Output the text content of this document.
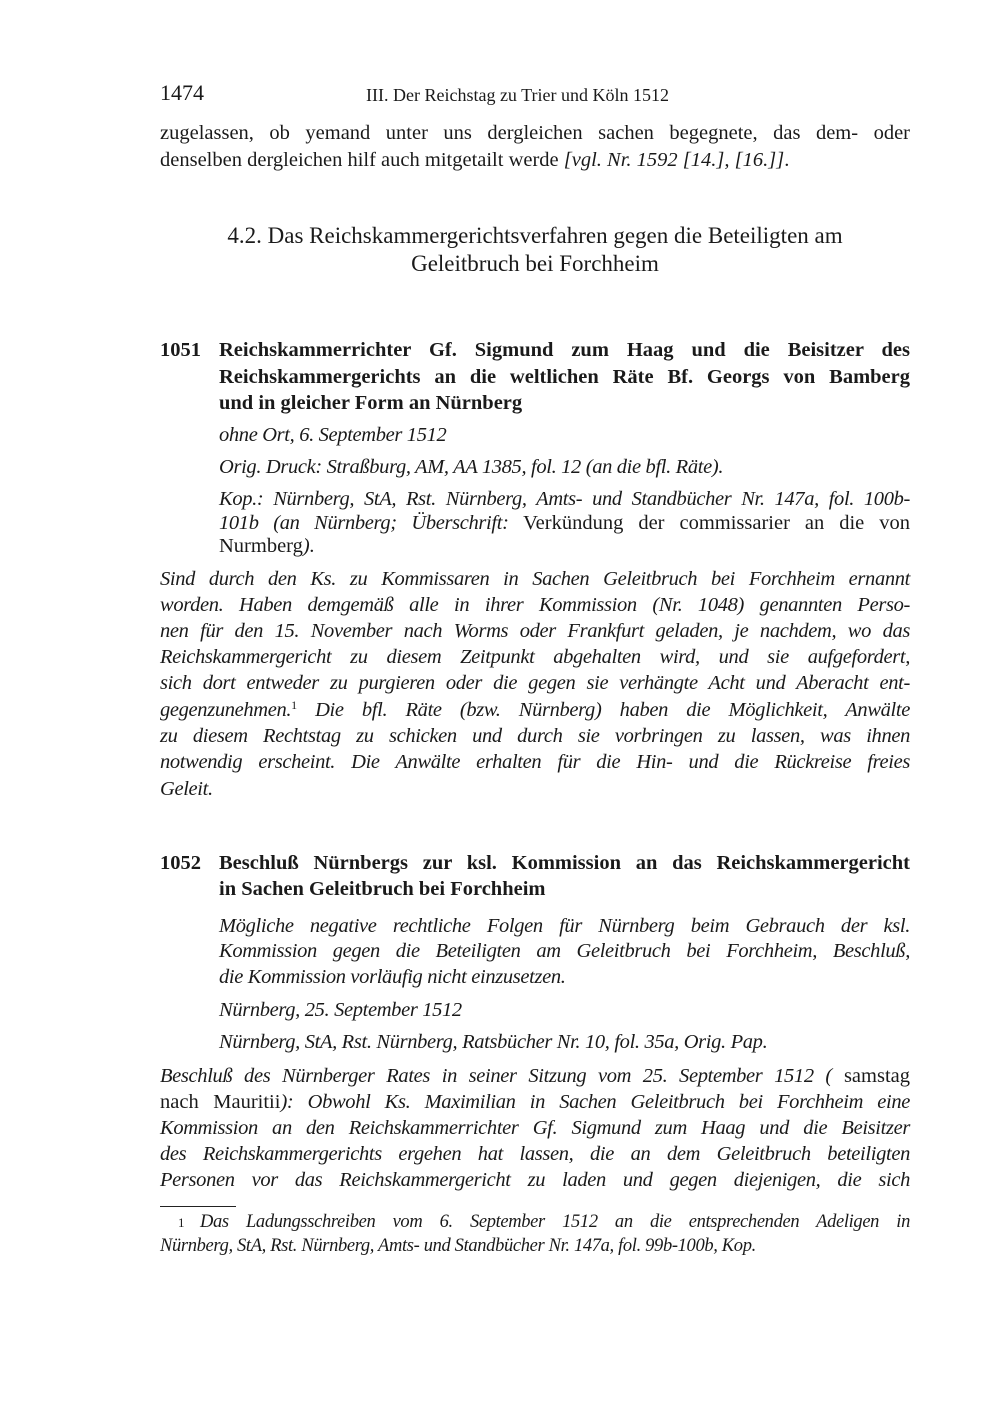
1474	III. Der Reichstag zu Trier und Köln 1512
zugelassen, ob yemand unter uns dergleichen sachen begegnete, das dem- oder
denselben dergleichen hilf auch mitgetailt werde [vgl. Nr. 1592 [14.], [16.]].
4.2. Das Reichskammergerichtsverfahren gegen die Beteiligten am
Geleitbruch bei Forchheim
1051 Reichskammerrichter Gf. Sigmund zum Haag und die Beisitzer des
Reichskammergerichts an die weltlichen Räte Bf. Georgs von Bamberg
und in gleicher Form an Nürnberg
ohne Ort, 6. September 1512
Orig. Druck: Straßburg, AM, AA 1385, fol. 12 (an die bfl. Räte).
Kop.: Nürnberg, StA, Rst. Nürnberg, Amts- und Standbücher Nr. 147a, fol. 100b-
101b (an Nürnberg; Überschrift: Verkündung der commissarier an die von
Nurmberg).
Sind durch den Ks. zu Kommissaren in Sachen Geleitbruch bei Forchheim ernannt
worden. Haben demgemäß alle in ihrer Kommission (Nr. 1048) genannten Perso-
nen für den 15. November nach Worms oder Frankfurt geladen, je nachdem, wo das
Reichskammergericht zu diesem Zeitpunkt abgehalten wird, und sie aufgefordert,
sich dort entweder zu purgieren oder die gegen sie verhängte Acht und Aberacht ent-
gegenzunehmen.$^1$ Die bfl. Räte (bzw. Nürnberg) haben die Möglichkeit, Anwälte
zu diesem Rechtstag zu schicken und durch sie vorbringen zu lassen, was ihnen
notwendig erscheint. Die Anwälte erhalten für die Hin- und die Rückreise freies
Geleit.
1052 Beschluß Nürnbergs zur ksl. Kommission an das Reichskammergericht
in Sachen Geleitbruch bei Forchheim
Mögliche negative rechtliche Folgen für Nürnberg beim Gebrauch der ksl.
Kommission gegen die Beteiligten am Geleitbruch bei Forchheim, Beschluß,
die Kommission vorläufig nicht einzusetzen.
Nürnberg, 25. September 1512
Nürnberg, StA, Rst. Nürnberg, Ratsbücher Nr. 10, fol. 35a, Orig. Pap.
Beschluß des Nürnberger Rates in seiner Sitzung vom 25. September 1512 ( samstag
nach Mauritii): Obwohl Ks. Maximilian in Sachen Geleitbruch bei Forchheim eine
Kommission an den Reichskammerrichter Gf. Sigmund zum Haag und die Beisitzer
des Reichskammergerichts ergehen hat lassen, die an dem Geleitbruch beteiligten
Personen vor das Reichskammergericht zu laden und gegen diejenigen, die sich
1 Das Ladungsschreiben vom 6. September 1512 an die entsprechenden Adeligen in
Nürnberg, StA, Rst. Nürnberg, Amts- und Standbücher Nr. 147a, fol. 99b-100b, Kop.
